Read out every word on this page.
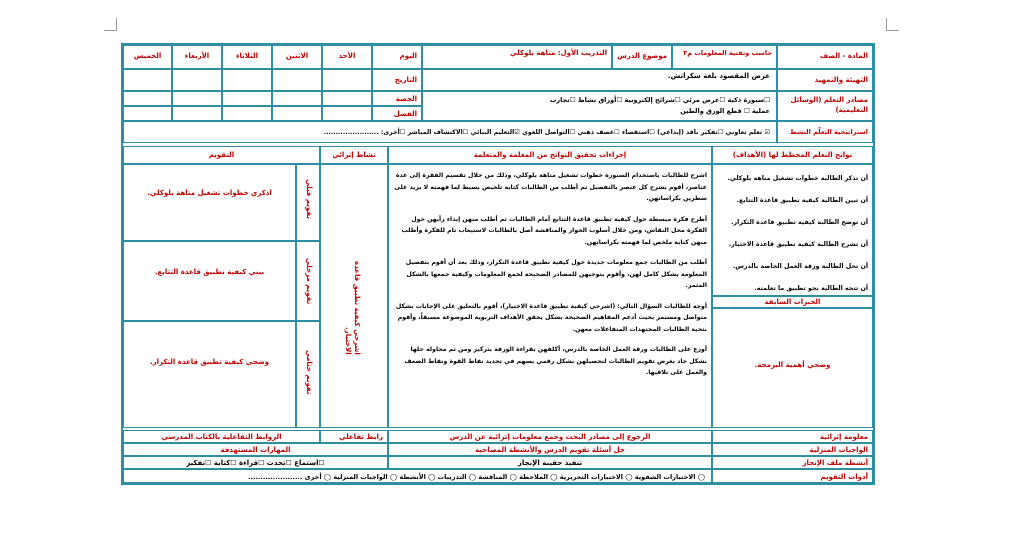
المادة - الصف
حاسب وتقنية المعلومات م٣
موضوع الدرس
التدريب الأول: متاهة بلوكلي
اليوم
الأحد
الاثنين
الثلاثاء
الأربعاء
الخميس
التهيئة والتمهيد
عرض المقصود بلغة سكراتش.
التاريخ
مصادر التعلم (الوسائل التعليمية)
☐سبورة ذكية ☐عرض مرئي ☐شرائح إلكترونية ☐أوراق نشاط ☐تجارب
عملية ☐ قطع الورق والطين
الحصة
الفصل
استراتيجية التعلّم النشط
☑ تعلم تعاوني ☐تفكير ناقد (إبداعي) ☐استقصاء ☐عصف ذهني ☐التواصل اللغوي ☑التعليم البنائي ☐الاكتشاف المباشر ☐أخرى: .......................
نواتج التعلم المخطط لها (الأهداف)
إجراءات تحقيق النواتج من المعلمة والمتعلمة
نشاط إثرائي
التقويم
أن تذكر الطالبة خطوات تشغيل متاهة بلوكلي.
أن تبين الطالبة كيفية تطبيق قاعدة التتابع.
أن توضح الطالبة كيفية تطبيق قاعدة التكرار.
أن تشرح الطالبة كيفية تطبيق قاعدة الاختيار.
أن تحل الطالبة ورقة العمل الخاصة بالدرس.
أن تتجه الطالبة نحو تطبيق ما تعلمته.
الخبرات السابقة
وضحي أهمية البرمجة.
اشرح للطالبات باستخدام السبورة خطوات تشغيل متاهة بلوكلي، وذلك من خلال تقسيم الفقرة إلى عدة عناصر، أقوم بشرح كل عنصر بالتفصيل ثم أطلب من الطالبات كتابة تلخيص بسيط لما فهمته لا يزيد على سطرين بكراساتهن.
أطرح فكرة مبسطة حول كيفية تطبيق قاعدة التتابع أمام الطالبات ثم أطلب منهن إبداء رأيهن حول الفكرة محل النقاش، ومن خلال أسلوب الحوار والمناقشة أصل بالطالبات لاستيعاب تام للفكرة وأطلب منهن كتابة ملخص لما فهمته بكراساتهن.
أطلب من الطالبات جمع معلومات جديدة حول كيفية تطبيق قاعدة التكرار، وذلك بعد أن أقوم بتفصيل المعلومة بشكل كامل لهن، وأقوم بتوجيهن للمصادر الصحيحة لجمع المعلومات وكيفية جمعها بالشكل المثمر.
أوجه للطالبات السؤال التالي: (اشرحي كيفية تطبيق قاعدة الاختيار)، أقوم بالتعليق على الإجابات بشكل متواصل ومستمر بحيث أدعم المفاهيم الصحيحة بشكل يحقق الأهداف التربوية الموضوعة مسبقاً، وأقوم بتحية الطالبات المجتهدات المتفاعلات معهن.
أوزع على الطالبات ورقة العمل الخاصة بالدرس، أكلفهن بقراءة الورقة بتركيز ومن ثم محاولة حلها بشكل جاد بغرض تقويم الطالبات لتحصيلهن بشكل رقمي يسهم في تحديد نقاط القوة ونقاط الضعف والعمل على تلافيها.
اشرحي كيفية تطبيق قاعدة الاختيار.
تقويم قبلي
اذكري خطوات تشغيل متاهة بلوكلي.
تقويم مرحلي
بيني كيفية تطبيق قاعدة التتابع.
تقويم ختامي
وضحي كيفية تطبيق قاعدة التكرار.
معلومة إثرائية
الرجوع إلى مصادر البحث وجمع معلومات إثرائية عن الدرس
رابط تفاعلي
الروابط التفاعلية بالكتاب المدرسي
الواجبات المنزلية
حل أسئلة تقويم الدرس والأنشطة المصاحبة
المهارات المستهدفة
أنشطة ملف الإنجاز
تنفيذ حقيبة الإنجاز
☐استماع ☐تحدث ☐قراءة ☐كتابة ☐تفكير
أدوات التقويم
◯ الاختبارات الشفوية ◯ الاختبارات التحريرية ◯ الملاحظة ◯ المناقشة ◯ التدريبات ◯ الأنشطة ◯ الواجبات المنزلية ◯ أخرى ......................
